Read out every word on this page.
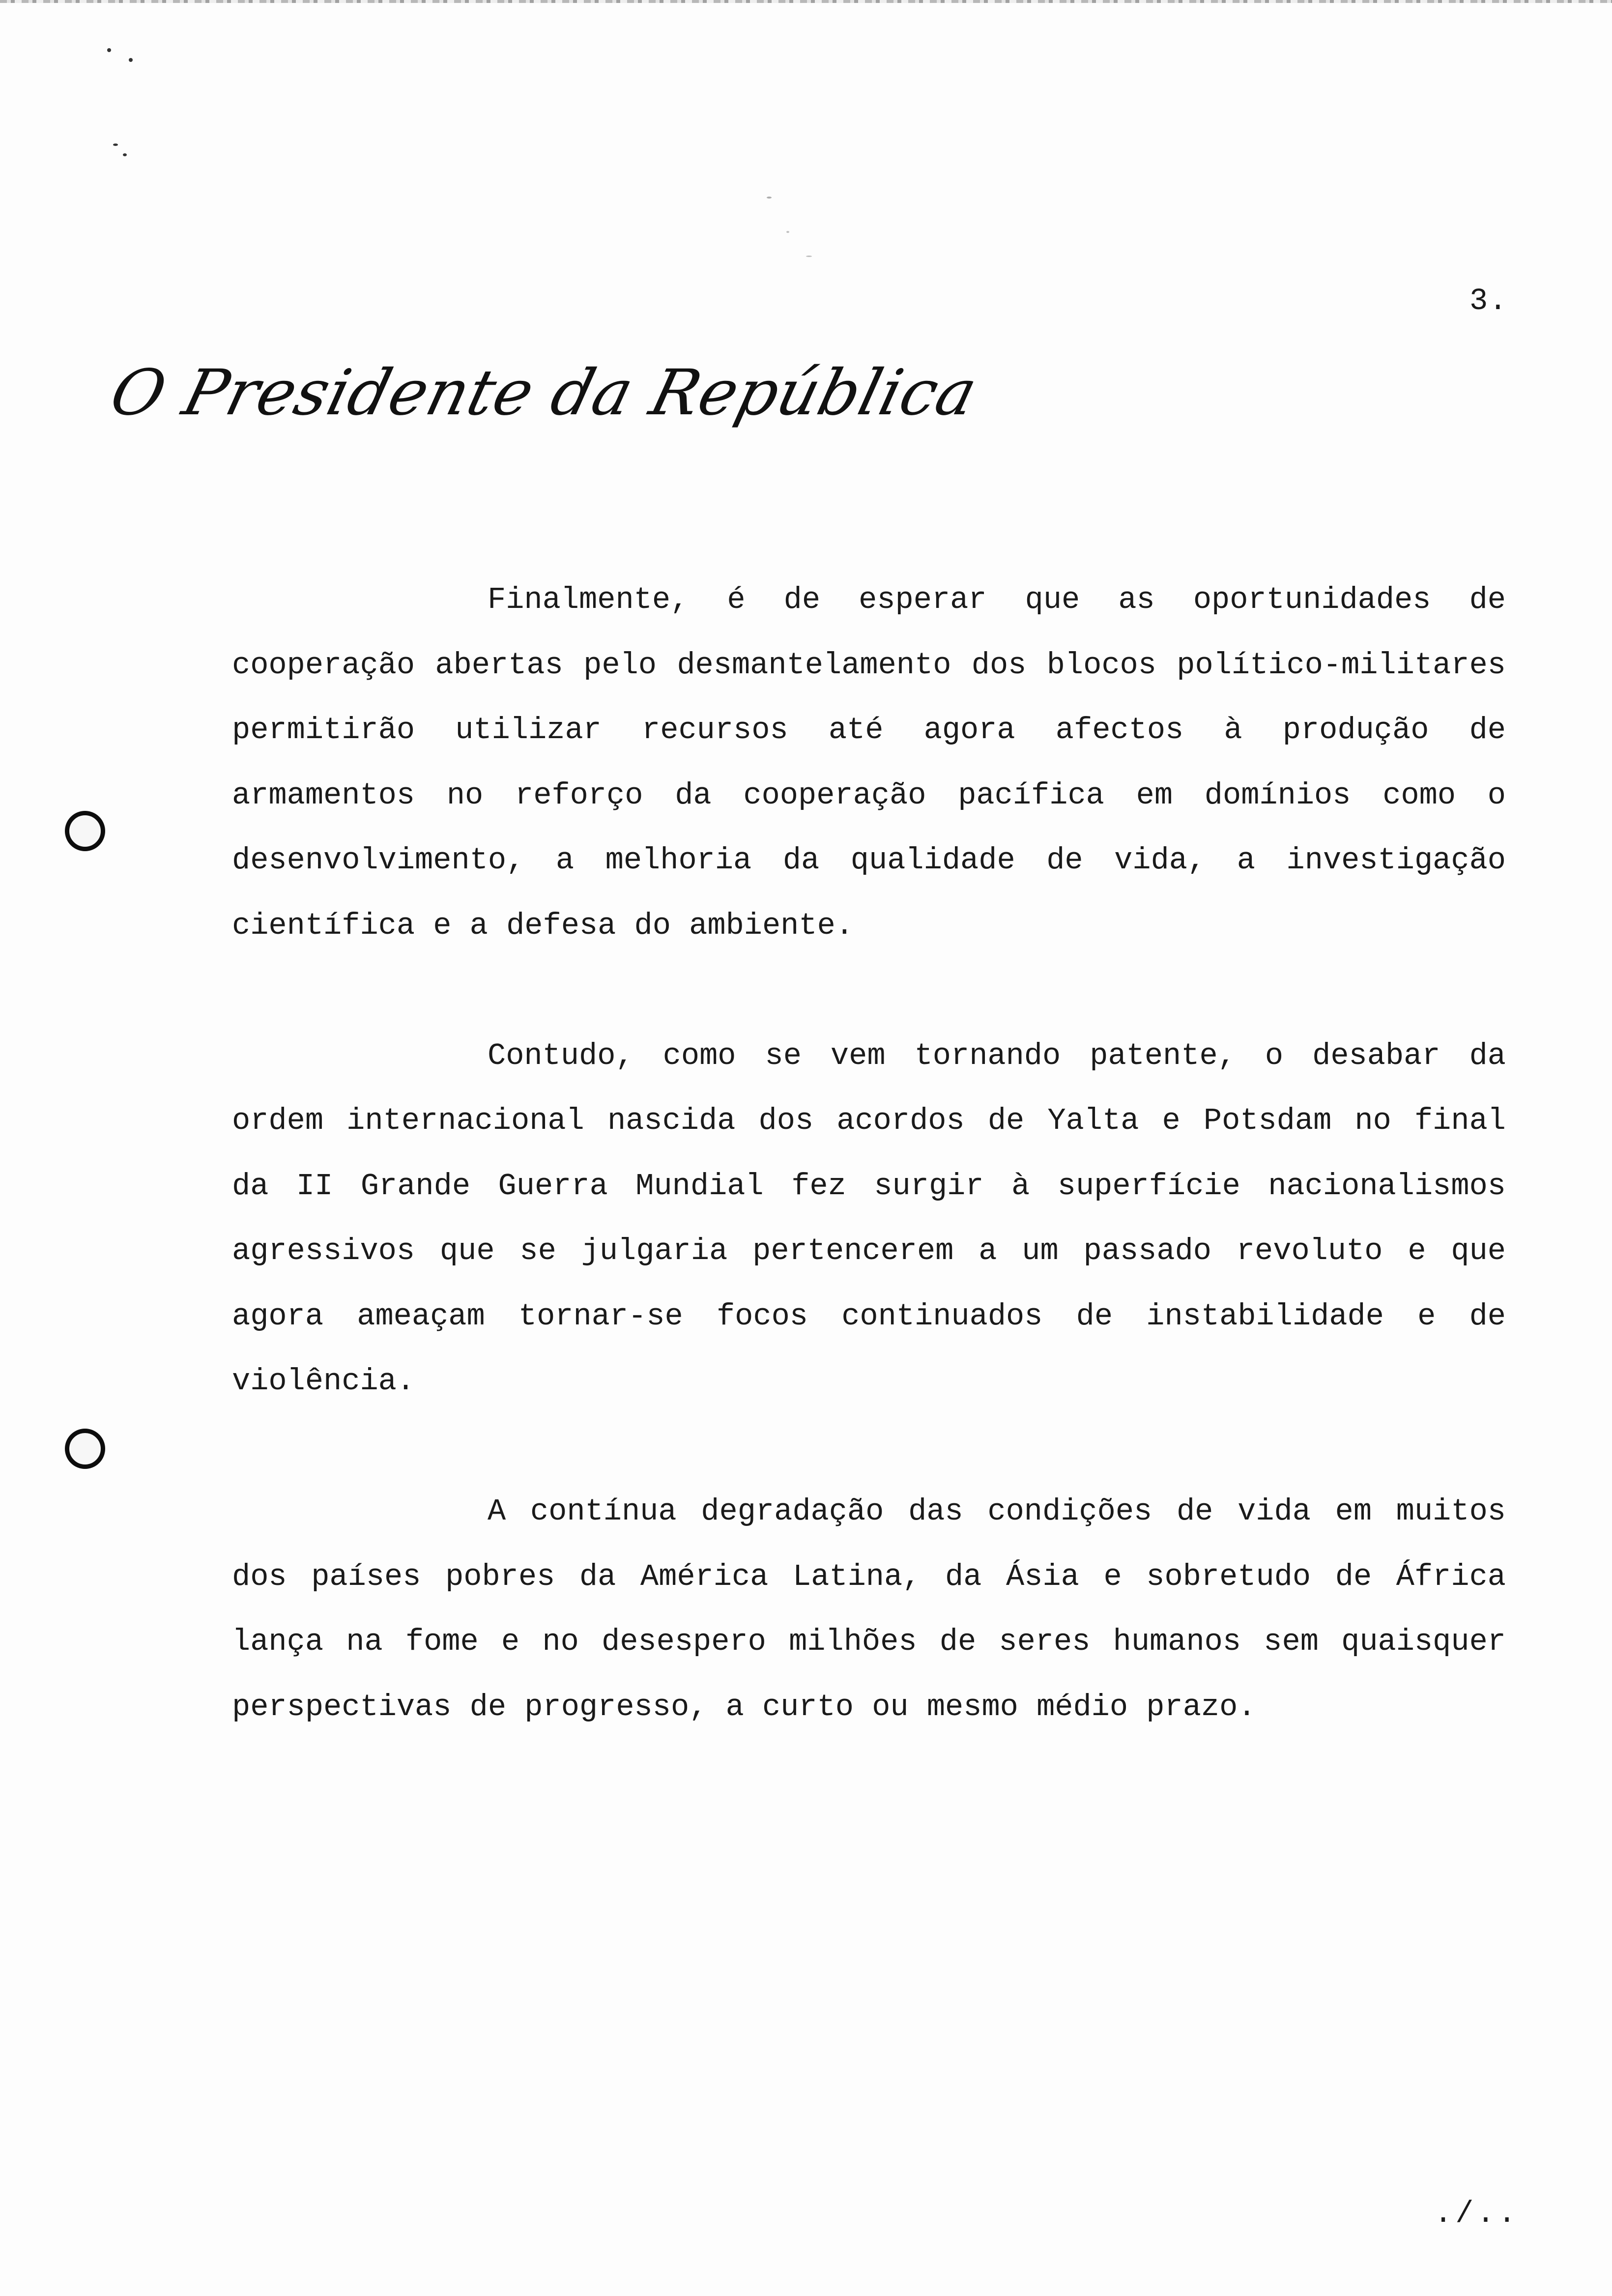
3.
O Presidente da República

Finalmente, é de esperar que as oportunidades de cooperação abertas pelo desmantelamento dos blocos político-militares permitirão utilizar recursos até agora afectos à produção de armamentos no reforço da cooperação pacífica em domínios como o desenvolvimento, a melhoria da qualidade de vida, a investigação científica e a defesa do ambiente.

Contudo, como se vem tornando patente, o desabar da ordem internacional nascida dos acordos de Yalta e Potsdam no final da II Grande Guerra Mundial fez surgir à superfície nacionalismos agressivos que se julgaria pertencerem a um passado revoluto e que agora ameaçam tornar-se focos continuados de instabilidade e de violência.

A contínua degradação das condições de vida em muitos dos países pobres da América Latina, da Ásia e sobretudo de África lança na fome e no desespero milhões de seres humanos sem quaisquer perspectivas de progresso, a curto ou mesmo médio prazo.

./..
